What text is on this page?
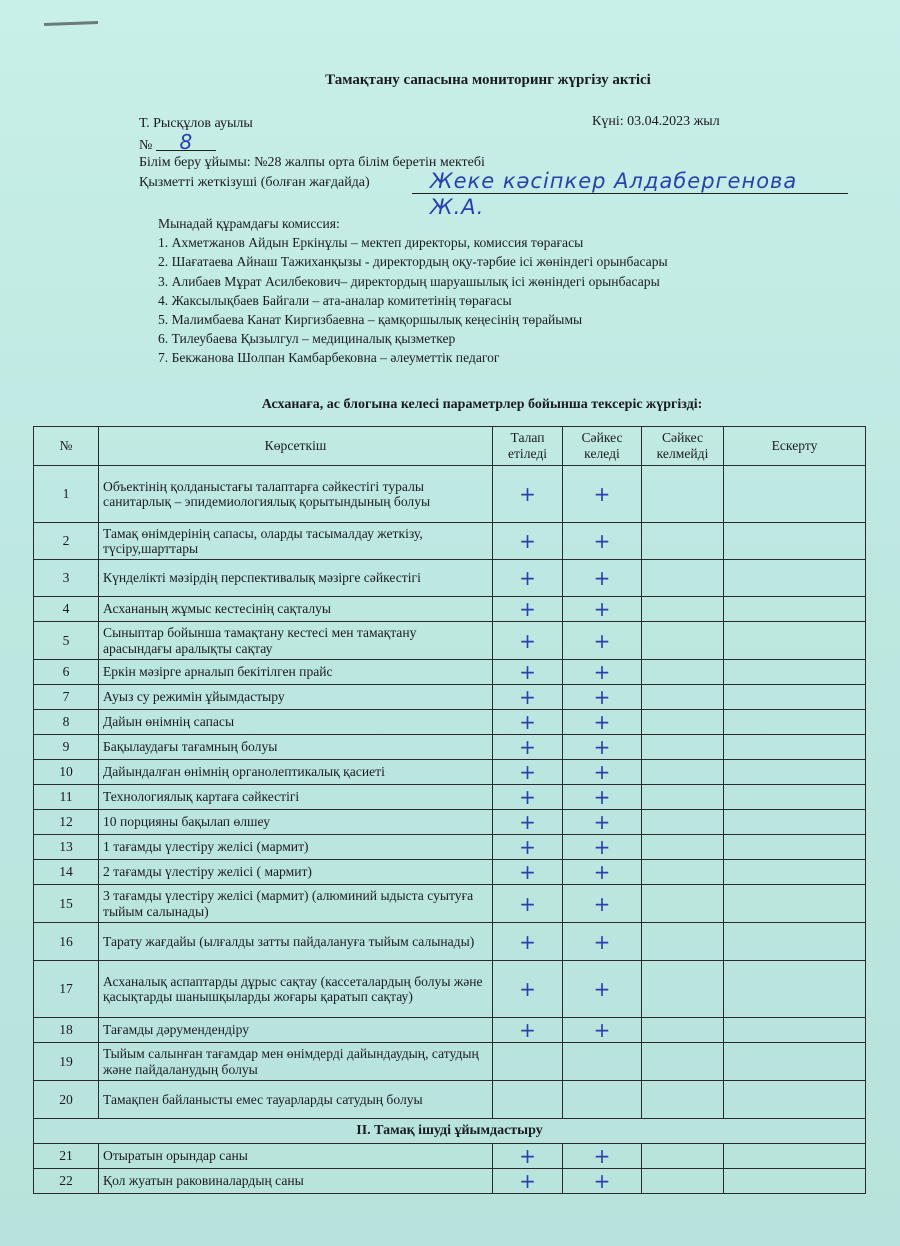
Тамақтану сапасына мониторинг жүргізу актісі
Т. Рысқұлов ауылы	Күні: 03.04.2023 жыл
№ 8
Білім беру ұйымы: №28 жалпы орта білім беретін мектебі
Қызметті жеткізуші (болған жағдайда)	Жеке кәсіпкер Алдабергенова Ж.А.
Мынадай құрамдағы комиссия:
1. Ахметжанов Айдын Еркінұлы – мектеп директоры, комиссия төрағасы
2. Шағатаева Айнаш Тажиханқызы - директордың оқу-тәрбие ісі жөніндегі орынбасары
3. Алибаев Мұрат Асилбекович– директордың шаруашылық ісі жөніндегі орынбасары
4. Жаксылықбаев Байгали – ата-аналар комитетінің төрағасы
5. Малимбаева Канат Киргизбаевна – қамқоршылық кеңесінің төрайымы
6. Тилеубаева Қызылгул – медициналық қызметкер
7. Бекжанова Шолпан Камбарбековна – әлеуметтік педагог
Асханаға, ас блогына келесі параметрлер бойынша тексеріс жүргізді:
№	Көрсеткіш	Талап етіледі	Сәйкес келеді	Сәйкес келмейді	Ескерту
1	Объектінің қолданыстағы талаптарға сәйкестігі туралы санитарлық – эпидемиологиялық қорытындының болуы	+	+		
2	Тамақ өнімдерінің сапасы, оларды тасымалдау жеткізу, түсіру,шарттары	+	+		
3	Күнделікті мәзірдің перспективалық мәзірге сәйкестігі	+	+		
4	Асхананың жұмыс кестесінің сақталуы	+	+		
5	Сыныптар бойынша тамақтану кестесі мен тамақтану арасындағы аралықты сақтау	+	+		
6	Еркін мәзірге арналып бекітілген прайс	+	+		
7	Ауыз су режимін ұйымдастыру	+	+		
8	Дайын өнімнің сапасы	+	+		
9	Бақылаудағы тағамның болуы	+	+		
10	Дайындалған өнімнің органолептикалық қасиеті	+	+		
11	Технологиялық картаға сәйкестігі	+	+		
12	10 порцияны бақылап өлшеу	+	+		
13	1 тағамды үлестіру желісі (мармит)	+	+		
14	2 тағамды үлестіру желісі ( мармит)	+	+		
15	3 тағамды үлестіру желісі (мармит) (алюминий ыдыста суытуға тыйым салынады)	+	+		
16	Тарату жағдайы (ылғалды затты пайдалануға тыйым салынады)	+	+		
17	Асханалық аспаптарды дұрыс сақтау (кассеталардың болуы және қасықтарды шанышқыларды жоғары қаратып сақтау)	+	+		
18	Тағамды дәрумендендіру	+	+		
19	Тыйым салынған тағамдар мен өнімдерді дайындаудың, сатудың және пайдаланудың болуы				
20	Тамақпен байланысты емес тауарларды сатудың болуы				
II. Тамақ ішуді ұйымдастыру					
21	Отыратын орындар саны	+	+		
22	Қол жуатын раковиналардың саны	+	+		
